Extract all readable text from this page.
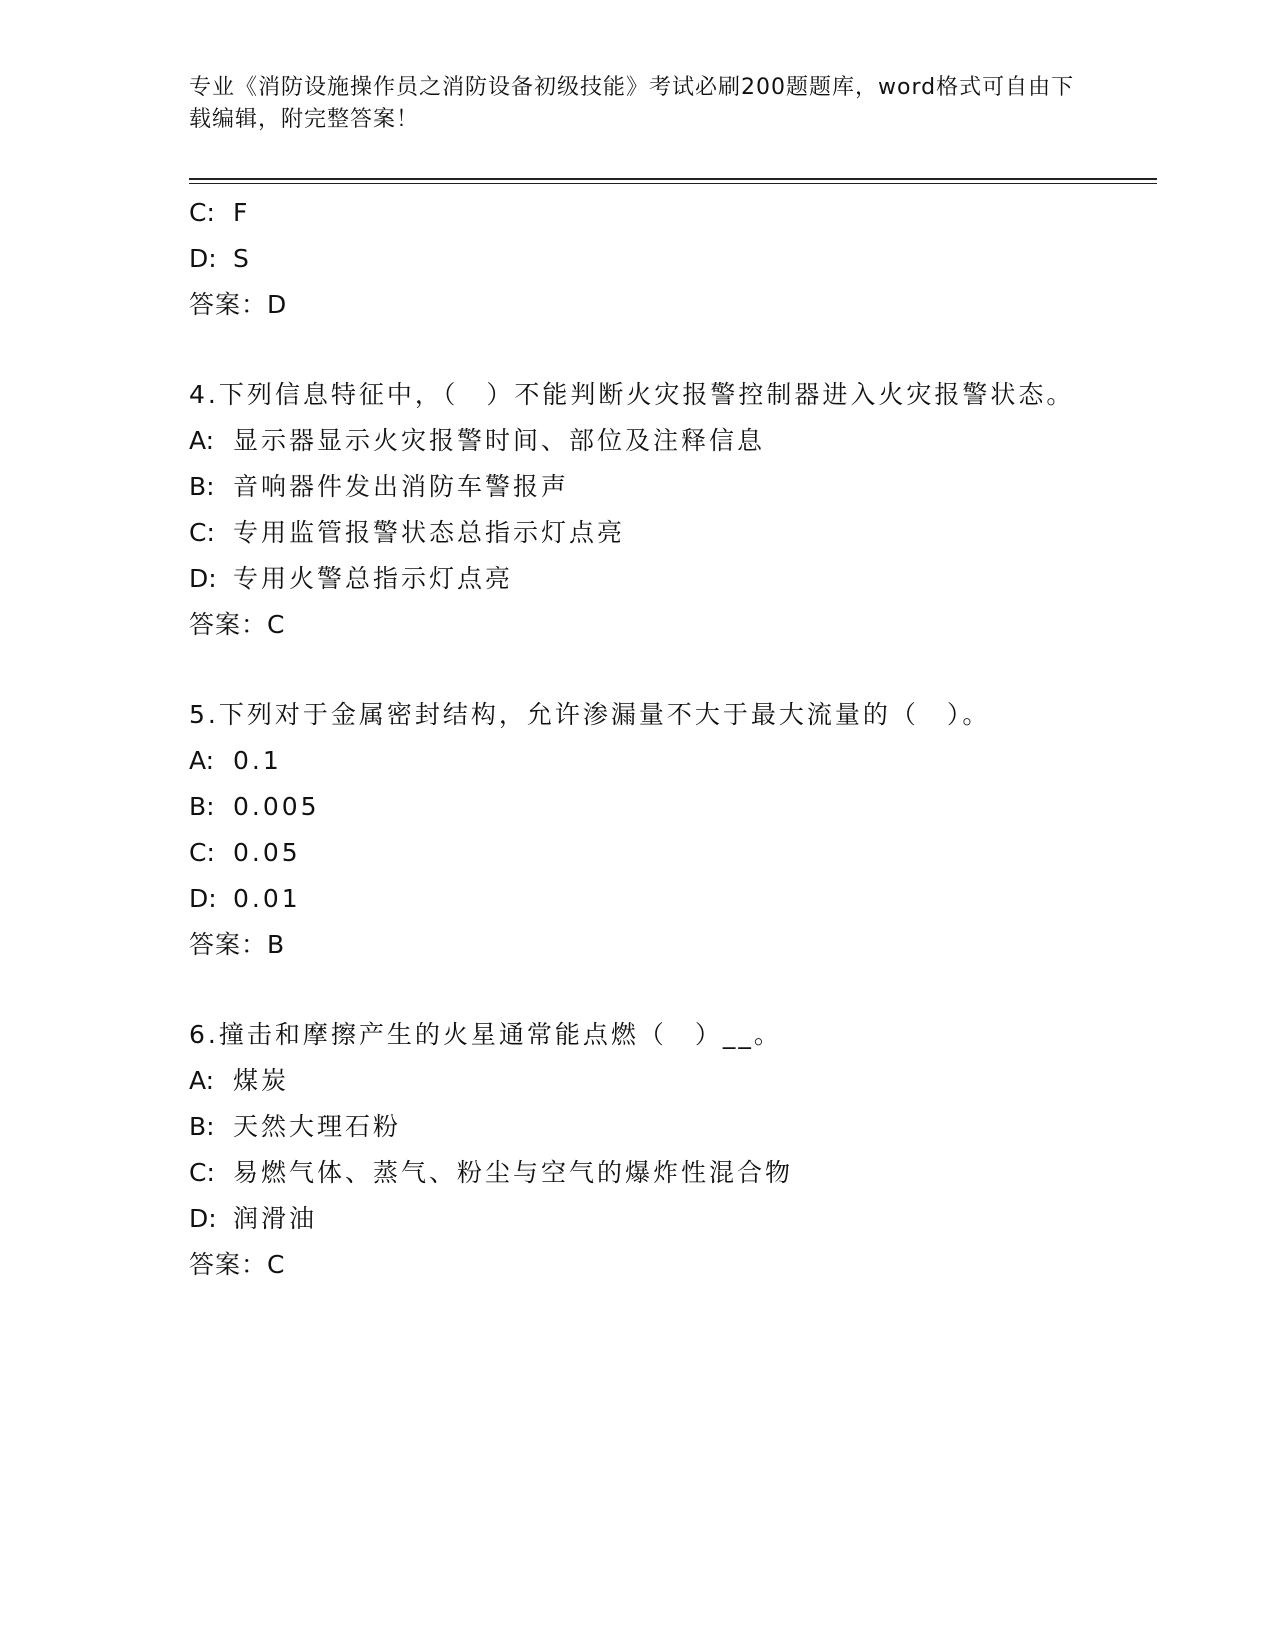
专业《消防设施操作员之消防设备初级技能》考试必刷200题题库，word格式可自由下载编辑，附完整答案！
C: F
D: S
答案：D
4.下列信息特征中，（　）不能判断火灾报警控制器进入火灾报警状态。
A: 显示器显示火灾报警时间、部位及注释信息
B: 音响器件发出消防车警报声
C: 专用监管报警状态总指示灯点亮
D: 专用火警总指示灯点亮
答案：C
5.下列对于金属密封结构，允许渗漏量不大于最大流量的（　）。
A: 0.1
B: 0.005
C: 0.05
D: 0.01
答案：B
6.撞击和摩擦产生的火星通常能点燃（　）__。
A: 煤炭
B: 天然大理石粉
C: 易燃气体、蒸气、粉尘与空气的爆炸性混合物
D: 润滑油
答案：C
